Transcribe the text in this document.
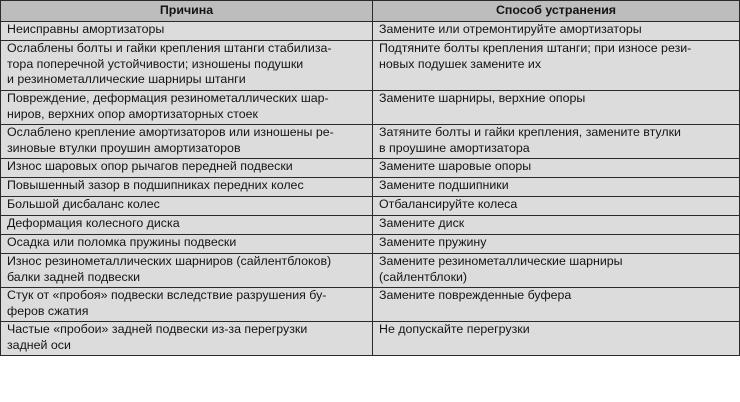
Причина	Способ устранения

Неисправны амортизаторы	Замените или отремонтируйте амортизаторы

Ослаблены болты и гайки крепления штанги стабилиза-
тора поперечной устойчивости; изношены подушки
и резинометаллические шарниры штанги	Подтяните болты крепления штанги; при износе рези-
новых подушек замените их

Повреждение, деформация резинометаллических шар-
ниров, верхних опор амортизаторных стоек	Замените шарниры, верхние опоры

Ослаблено крепление амортизаторов или изношены ре-
зиновые втулки проушин амортизаторов	Затяните болты и гайки крепления, замените втулки
в проушине амортизатора

Износ шаровых опор рычагов передней подвески	Замените шаровые опоры

Повышенный зазор в подшипниках передних колес	Замените подшипники

Большой дисбаланс колес	Отбалансируйте колеса

Деформация колесного диска	Замените диск

Осадка или поломка пружины подвески	Замените пружину

Износ резинометаллических шарниров (сайлентблоков)
балки задней подвески	Замените резинометаллические шарниры
(сайлентблоки)

Стук от «пробоя» подвески вследствие разрушения бу-
феров сжатия	Замените поврежденные буфера

Частые «пробои» задней подвески из-за перегрузки
задней оси	Не допускайте перегрузки
